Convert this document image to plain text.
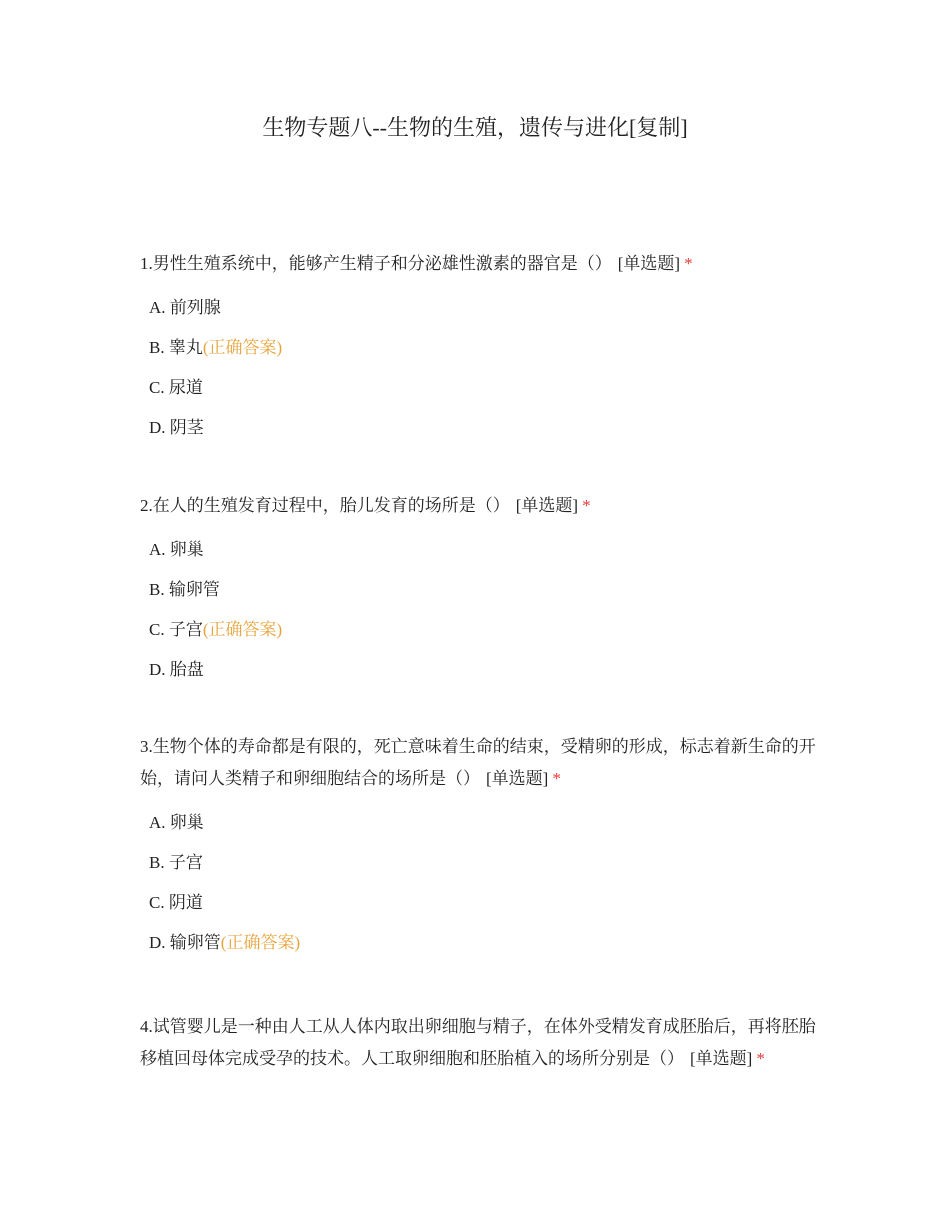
生物专题八--生物的生殖，遗传与进化[复制]

1.男性生殖系统中，能够产生精子和分泌雄性激素的器官是（） [单选题] *

A. 前列腺
B. 睾丸(正确答案)
C. 尿道
D. 阴茎

2.在人的生殖发育过程中，胎儿发育的场所是（） [单选题] *

A. 卵巢
B. 输卵管
C. 子宫(正确答案)
D. 胎盘

3.生物个体的寿命都是有限的，死亡意味着生命的结束，受精卵的形成，标志着新生命的开始，请问人类精子和卵细胞结合的场所是（） [单选题] *

A. 卵巢
B. 子宫
C. 阴道
D. 输卵管(正确答案)

4.试管婴儿是一种由人工从人体内取出卵细胞与精子，在体外受精发育成胚胎后，再将胚胎移植回母体完成受孕的技术。人工取卵细胞和胚胎植入的场所分别是（） [单选题] *
